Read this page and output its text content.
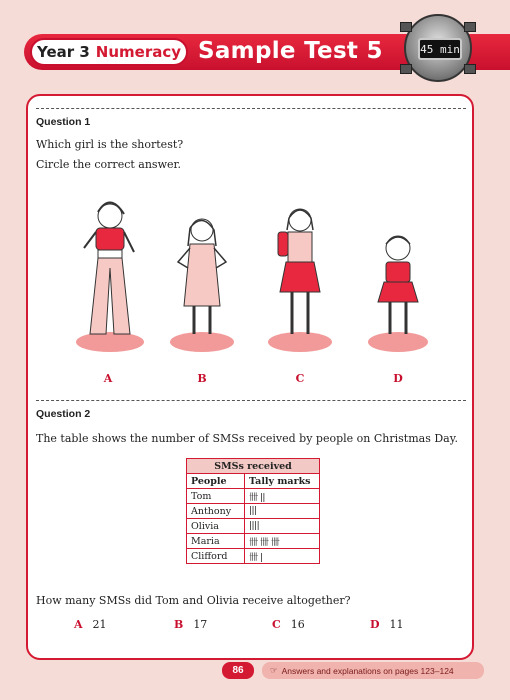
Year 3 Numeracy Sample Test 5	45 min
Question 1
Which girl is the shortest?
Circle the correct answer.
A	B	C	D
Question 2
The table shows the number of SMSs received by people on Christmas Day.
SMSs received	
People	Tally marks
Tom	卌 ||
Anthony	|||
Olivia	||||
Maria	卌 卌 卌
Clifford	卌 |
How many SMSs did Tom and Olivia receive altogether?
A 21	B 17	C 16	D 11
86	☞ Answers and explanations on pages 123–124
